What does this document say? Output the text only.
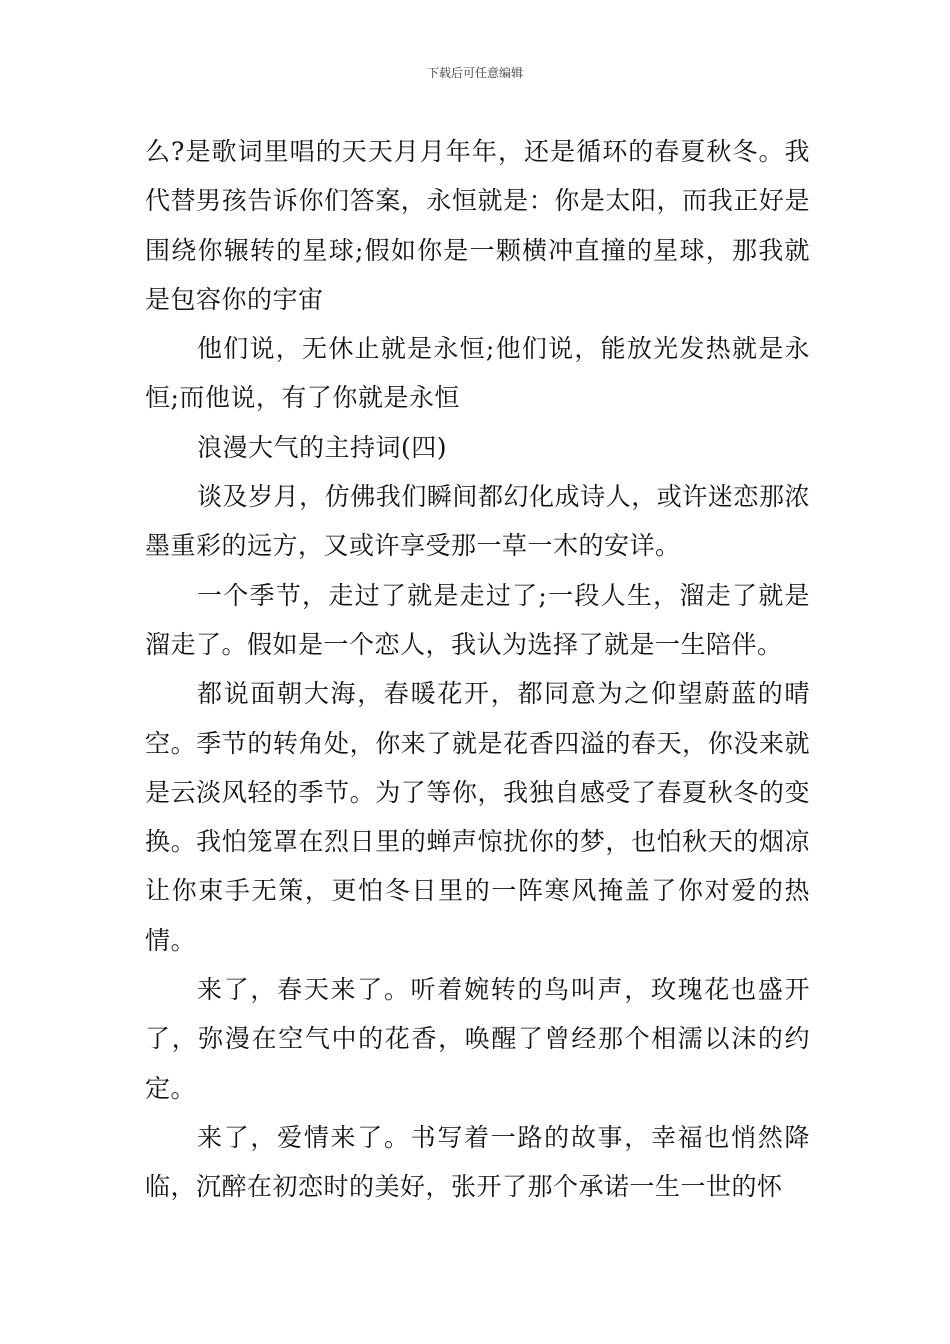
下载后可任意编辑

么?是歌词里唱的天天月月年年，还是循环的春夏秋冬。我代替男孩告诉你们答案，永恒就是：你是太阳，而我正好是围绕你辗转的星球;假如你是一颗横冲直撞的星球，那我就是包容你的宇宙

他们说，无休止就是永恒;他们说，能放光发热就是永恒;而他说，有了你就是永恒

浪漫大气的主持词(四)

谈及岁月，仿佛我们瞬间都幻化成诗人，或许迷恋那浓墨重彩的远方，又或许享受那一草一木的安详。

一个季节，走过了就是走过了;一段人生，溜走了就是溜走了。假如是一个恋人，我认为选择了就是一生陪伴。

都说面朝大海，春暖花开，都同意为之仰望蔚蓝的晴空。季节的转角处，你来了就是花香四溢的春天，你没来就是云淡风轻的季节。为了等你，我独自感受了春夏秋冬的变换。我怕笼罩在烈日里的蝉声惊扰你的梦，也怕秋天的烟凉让你束手无策，更怕冬日里的一阵寒风掩盖了你对爱的热情。

来了，春天来了。听着婉转的鸟叫声，玫瑰花也盛开了，弥漫在空气中的花香，唤醒了曾经那个相濡以沫的约定。

来了，爱情来了。书写着一路的故事，幸福也悄然降临，沉醉在初恋时的美好，张开了那个承诺一生一世的怀
